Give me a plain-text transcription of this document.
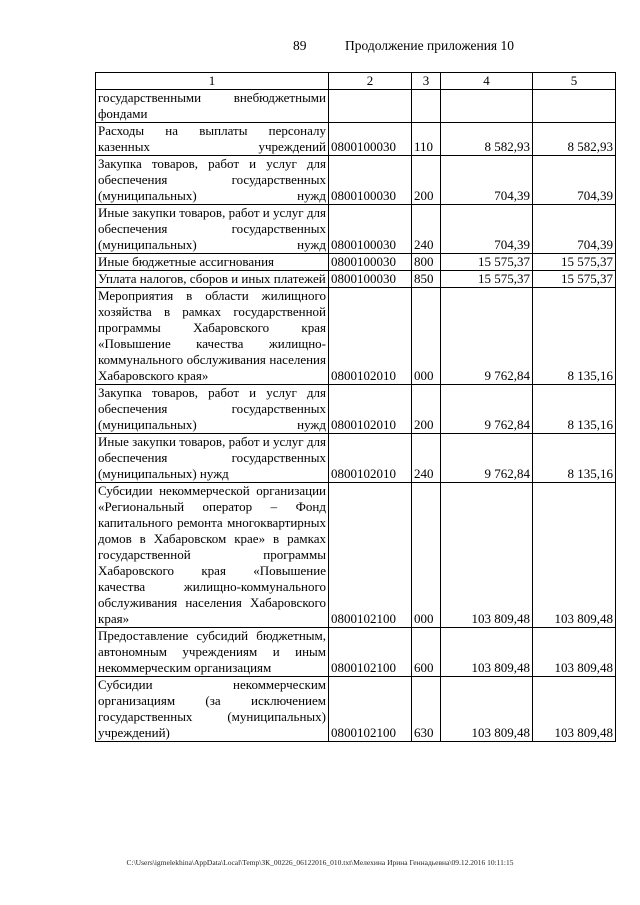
89	Продолжение приложения 10
1	2	3	4	5
государственными внебюджетными фондами				
Расходы на выплаты персоналу казенных учреждений	0800100030	110	8 582,93	8 582,93
Закупка товаров, работ и услуг для обеспечения государственных (муниципальных) нужд	0800100030	200	704,39	704,39
Иные закупки товаров, работ и услуг для обеспечения государственных (муниципальных) нужд	0800100030	240	704,39	704,39
Иные бюджетные ассигнования	0800100030	800	15 575,37	15 575,37
Уплата налогов, сборов и иных платежей	0800100030	850	15 575,37	15 575,37
Мероприятия в области жилищного хозяйства в рамках государственной программы Хабаровского края «Повышение качества жилищно-коммунального обслуживания населения Хабаровского края»	0800102010	000	9 762,84	8 135,16
Закупка товаров, работ и услуг для обеспечения государственных (муниципальных) нужд	0800102010	200	9 762,84	8 135,16
Иные закупки товаров, работ и услуг для обеспечения государственных (муниципальных) нужд	0800102010	240	9 762,84	8 135,16
Субсидии некоммерческой организации «Региональный оператор – Фонд капитального ремонта многоквартирных домов в Хабаровском крае» в рамках государственной программы Хабаровского края «Повышение качества жилищно-коммунального обслуживания населения Хабаровского края»	0800102100	000	103 809,48	103 809,48
Предоставление субсидий бюджетным, автономным учреждениям и иным некоммерческим организациям	0800102100	600	103 809,48	103 809,48
Субсидии некоммерческим организациям (за исключением государственных (муниципальных) учреждений)	0800102100	630	103 809,48	103 809,48
C:\Users\igmelekhina\AppData\Local\Temp\ЗК_00226_06122016_010.txt\Мелехина Ирина Геннадьевна\09.12.2016 10:11:15
